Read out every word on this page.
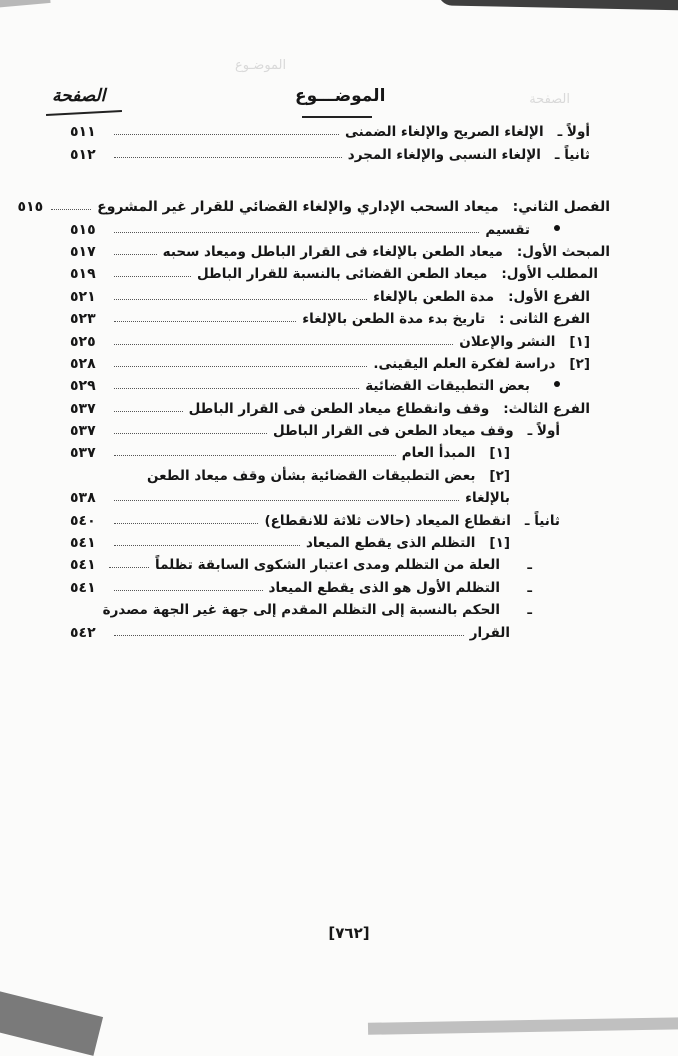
الصفحة
الموضـوع
الصفحة	الموضـــوع
أولاً ـ
الإلغاء الصريح والإلغاء الضمنى
٥١١
ثانياً ـ
الإلغاء النسبى والإلغاء المجرد
٥١٢
الفصل الثاني:
ميعاد السحب الإداري والإلغاء القضائي للقرار غير المشروع
٥١٥
تقسيم
٥١٥
المبحث الأول:
ميعاد الطعن بالإلغاء فى القرار الباطل وميعاد سحبه
٥١٧
المطلب الأول:
ميعاد الطعن القضائى بالنسبة للقرار الباطل
٥١٩
الفرع الأول:
مدة الطعن بالإلغاء
٥٢١
الفرع الثانى :
تاريخ بدء مدة الطعن بالإلغاء
٥٢٣
[١]
النشر والإعلان
٥٢٥
[٢]
دراسة لفكرة العلم اليقينى.
٥٢٨
بعض التطبيقات القضائية
٥٢٩
الفرع الثالث:
وقف وانقطاع ميعاد الطعن فى القرار الباطل
٥٣٧
أولاً ـ
وقف ميعاد الطعن فى القرار الباطل
٥٣٧
[١]
المبدأ العام
٥٣٧
[٢]
بعض التطبيقات القضائية بشأن وقف ميعاد الطعن
بالإلغاء
٥٣٨
ثانياً ـ
انقطاع الميعاد (حالات ثلاثة للانقطاع)
٥٤٠
[١]
التظلم الذى يقطع الميعاد
٥٤١
ـ
العلة من التظلم ومدى اعتبار الشكوى السابقة تظلماً
٥٤١
ـ
التظلم الأول هو الذى يقطع الميعاد
٥٤١
ـ
الحكم بالنسبة إلى التظلم المقدم إلى جهة غير الجهة مصدرة
القرار
٥٤٢
[٧٦٢]
